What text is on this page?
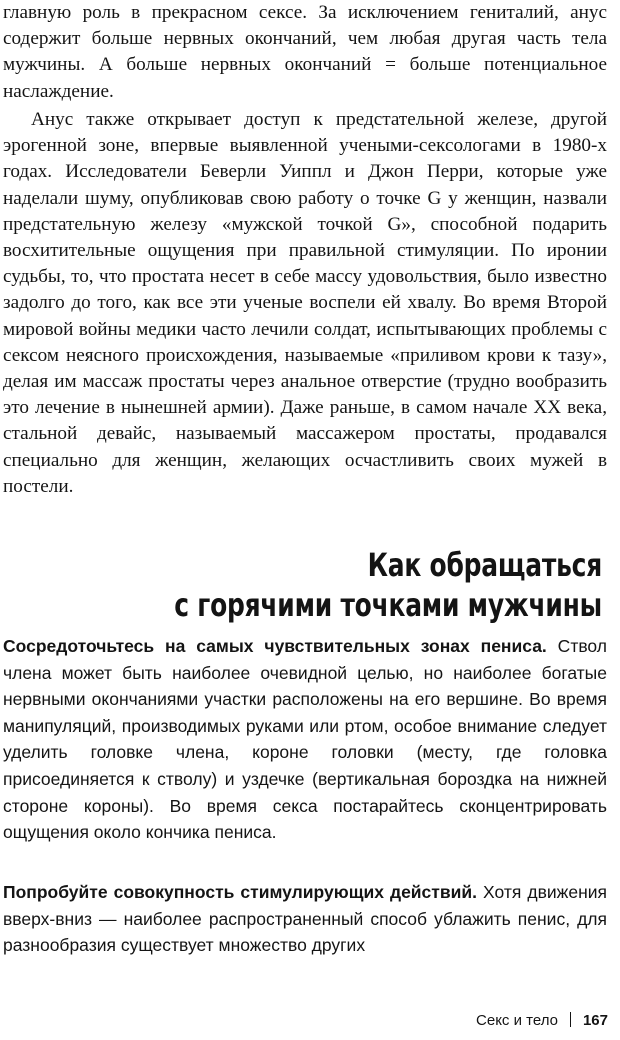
главную роль в прекрасном сексе. За исключением гениталий, анус содержит больше нервных окончаний, чем любая другая часть тела мужчины. А больше нервных окончаний = больше потенциальное наслаждение.

Анус также открывает доступ к предстательной железе, другой эрогенной зоне, впервые выявленной учеными-сексологами в 1980-х годах. Исследователи Беверли Уиппл и Джон Перри, которые уже наделали шуму, опубликовав свою работу о точке G у женщин, назвали предстательную железу «мужской точкой G», способной подарить восхитительные ощущения при правильной стимуляции. По иронии судьбы, то, что простата несет в себе массу удовольствия, было известно задолго до того, как все эти ученые воспели ей хвалу. Во время Второй мировой войны медики часто лечили солдат, испытывающих проблемы с сексом неясного происхождения, называемые «приливом крови к тазу», делая им массаж простаты через анальное отверстие (трудно вообразить это лечение в нынешней армии). Даже раньше, в самом начале XX века, стальной девайс, называемый массажером простаты, продавался специально для женщин, желающих осчастливить своих мужей в постели.

Как обращаться
с горячими точками мужчины

Сосредоточьтесь на самых чувствительных зонах пениса. Ствол члена может быть наиболее очевидной целью, но наиболее богатые нервными окончаниями участки расположены на его вершине. Во время манипуляций, производимых руками или ртом, особое внимание следует уделить головке члена, короне головки (месту, где головка присоединяется к стволу) и уздечке (вертикальная бороздка на нижней стороне короны). Во время секса постарайтесь сконцентрировать ощущения около кончика пениса.

Попробуйте совокупность стимулирующих действий. Хотя движения вверх-вниз — наиболее распространенный способ ублажить пенис, для разнообразия существует множество других

Секс и тело 167
